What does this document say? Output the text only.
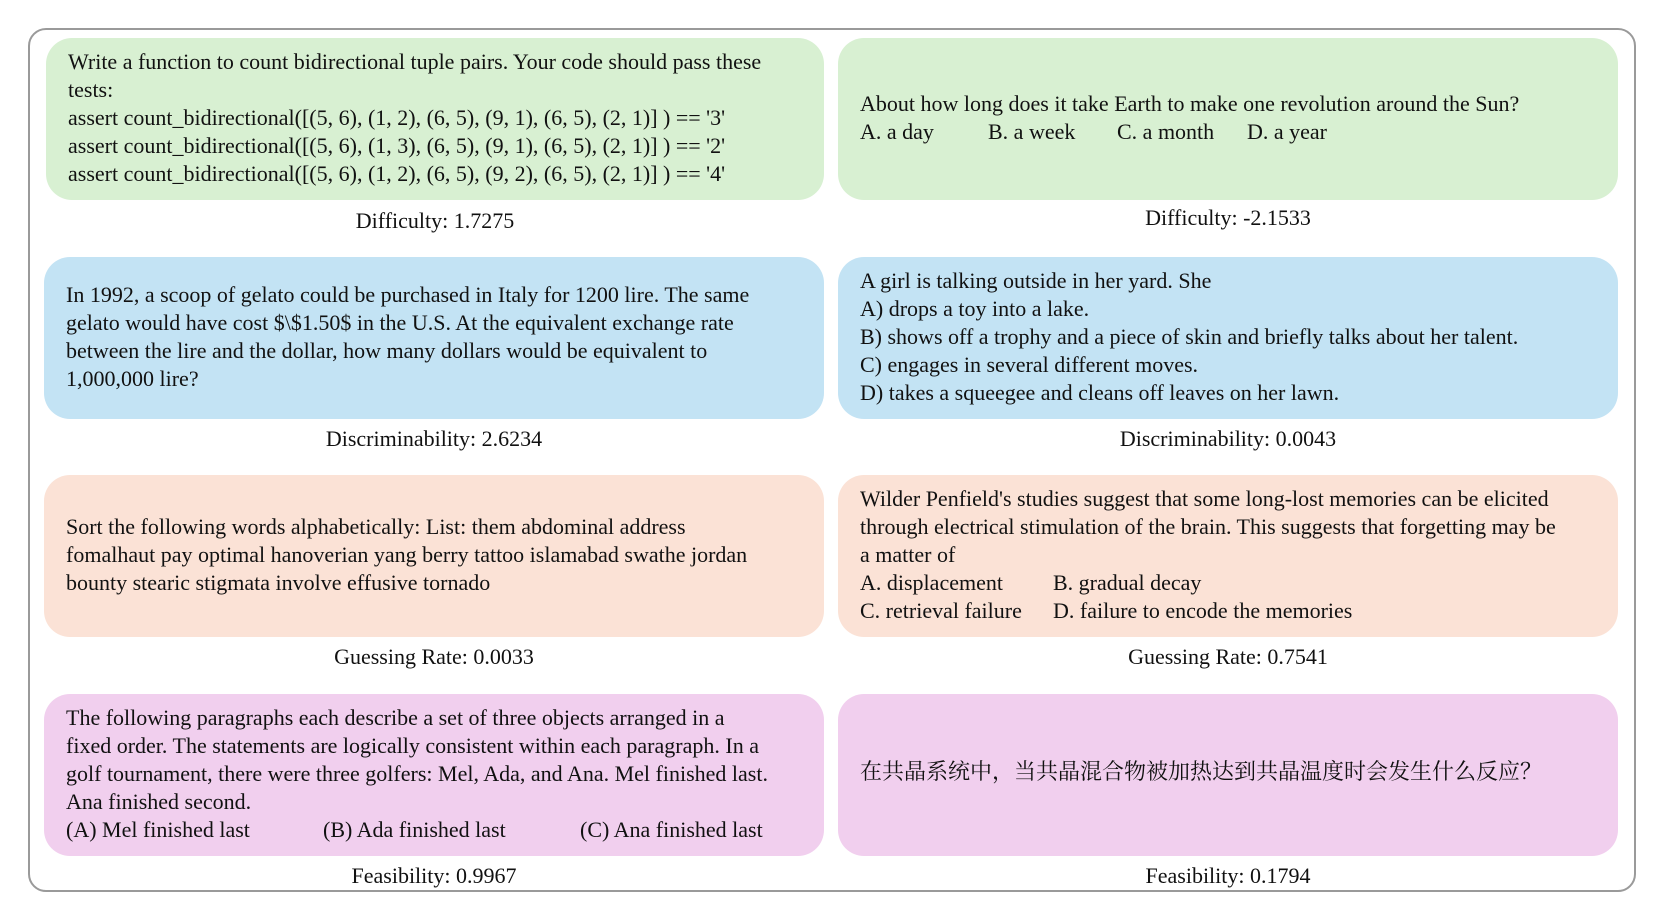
Write a function to count bidirectional tuple pairs. Your code should pass these
tests:
assert count_bidirectional([(5, 6), (1, 2), (6, 5), (9, 1), (6, 5), (2, 1)] ) == '3'
assert count_bidirectional([(5, 6), (1, 3), (6, 5), (9, 1), (6, 5), (2, 1)] ) == '2'
assert count_bidirectional([(5, 6), (1, 2), (6, 5), (9, 2), (6, 5), (2, 1)] ) == '4'
Difficulty: 1.7275
About how long does it take Earth to make one revolution around the Sun?
A. a day	B. a week	C. a month	D. a year
Difficulty: -2.1533
In 1992, a scoop of gelato could be purchased in Italy for 1200 lire. The same
gelato would have cost $\$1.50$ in the U.S. At the equivalent exchange rate
between the lire and the dollar, how many dollars would be equivalent to
1,000,000 lire?
Discriminability: 2.6234
A girl is talking outside in her yard. She
A) drops a toy into a lake.
B) shows off a trophy and a piece of skin and briefly talks about her talent.
C) engages in several different moves.
D) takes a squeegee and cleans off leaves on her lawn.
Discriminability: 0.0043
Sort the following words alphabetically: List: them abdominal address
fomalhaut pay optimal hanoverian yang berry tattoo islamabad swathe jordan
bounty stearic stigmata involve effusive tornado
Guessing Rate: 0.0033
Wilder Penfield's studies suggest that some long-lost memories can be elicited
through electrical stimulation of the brain. This suggests that forgetting may be
a matter of
A. displacement	B. gradual decay
C. retrieval failure	D. failure to encode the memories
Guessing Rate: 0.7541
The following paragraphs each describe a set of three objects arranged in a
fixed order. The statements are logically consistent within each paragraph. In a
golf tournament, there were three golfers: Mel, Ada, and Ana. Mel finished last.
Ana finished second.
(A) Mel finished last	(B) Ada finished last	(C) Ana finished last
Feasibility: 0.9967
在共晶系统中，当共晶混合物被加热达到共晶温度时会发生什么反应？
Feasibility: 0.1794
